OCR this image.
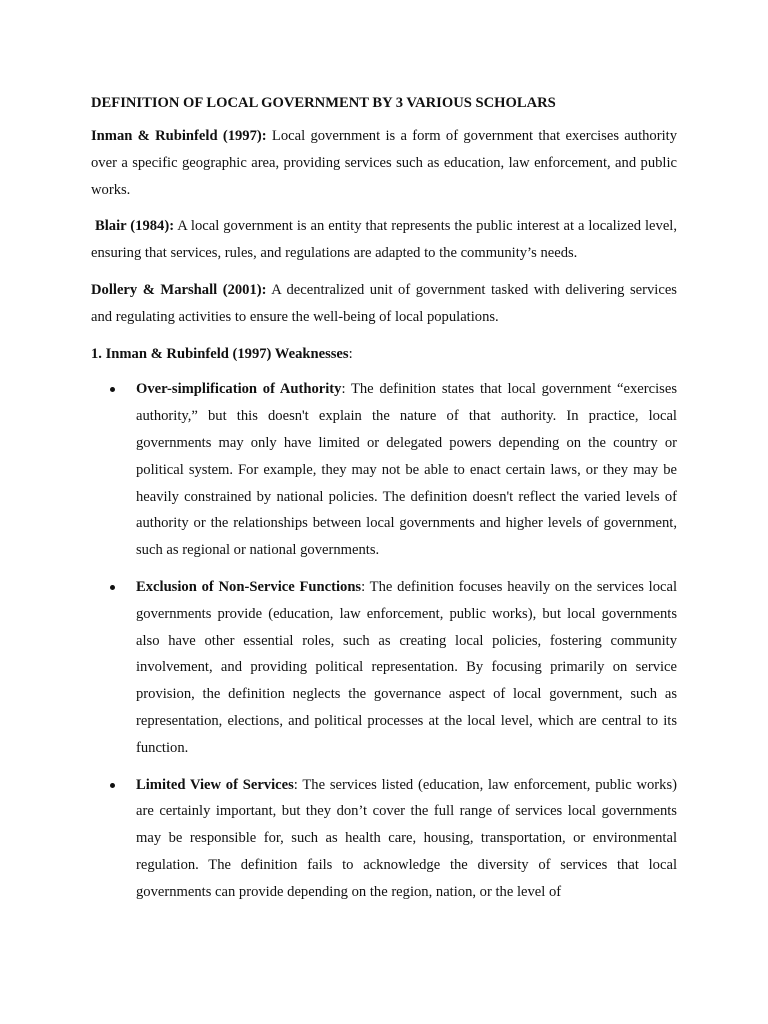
DEFINITION OF LOCAL GOVERNMENT BY 3 VARIOUS SCHOLARS

Inman & Rubinfeld (1997): Local government is a form of government that exercises authority over a specific geographic area, providing services such as education, law enforcement, and public works.

Blair (1984): A local government is an entity that represents the public interest at a localized level, ensuring that services, rules, and regulations are adapted to the community’s needs.

Dollery & Marshall (2001): A decentralized unit of government tasked with delivering services and regulating activities to ensure the well-being of local populations.

1. Inman & Rubinfeld (1997) Weaknesses:

Over-simplification of Authority: The definition states that local government “exercises authority,” but this doesn't explain the nature of that authority. In practice, local governments may only have limited or delegated powers depending on the country or political system. For example, they may not be able to enact certain laws, or they may be heavily constrained by national policies. The definition doesn't reflect the varied levels of authority or the relationships between local governments and higher levels of government, such as regional or national governments.
Exclusion of Non-Service Functions: The definition focuses heavily on the services local governments provide (education, law enforcement, public works), but local governments also have other essential roles, such as creating local policies, fostering community involvement, and providing political representation. By focusing primarily on service provision, the definition neglects the governance aspect of local government, such as representation, elections, and political processes at the local level, which are central to its function.
Limited View of Services: The services listed (education, law enforcement, public works) are certainly important, but they don’t cover the full range of services local governments may be responsible for, such as health care, housing, transportation, or environmental regulation. The definition fails to acknowledge the diversity of services that local governments can provide depending on the region, nation, or the level of
